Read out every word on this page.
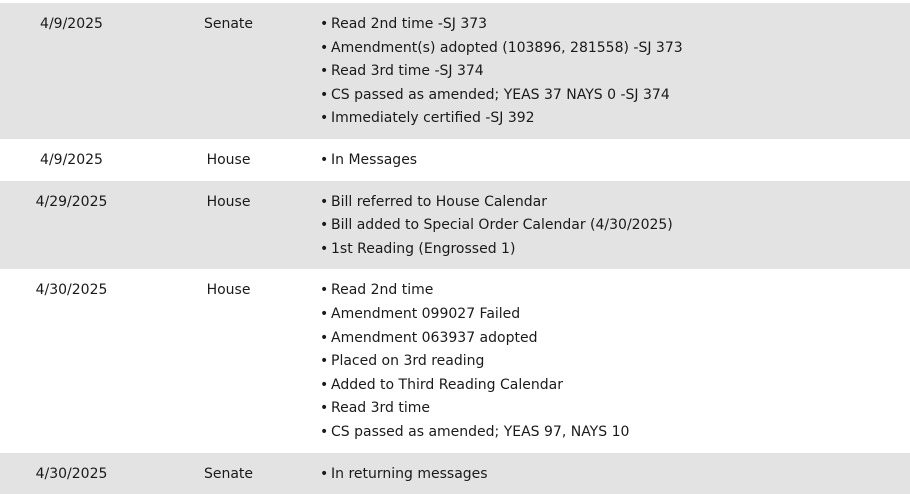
4/9/2025	Senate	• Read 2nd time -SJ 373
• Amendment(s) adopted (103896, 281558) -SJ 373
• Read 3rd time -SJ 374
• CS passed as amended; YEAS 37 NAYS 0 -SJ 374
• Immediately certified -SJ 392
4/9/2025	House	• In Messages
4/29/2025	House	• Bill referred to House Calendar
• Bill added to Special Order Calendar (4/30/2025)
• 1st Reading (Engrossed 1)
4/30/2025	House	• Read 2nd time
• Amendment 099027 Failed
• Amendment 063937 adopted
• Placed on 3rd reading
• Added to Third Reading Calendar
• Read 3rd time
• CS passed as amended; YEAS 97, NAYS 10
4/30/2025	Senate	• In returning messages
